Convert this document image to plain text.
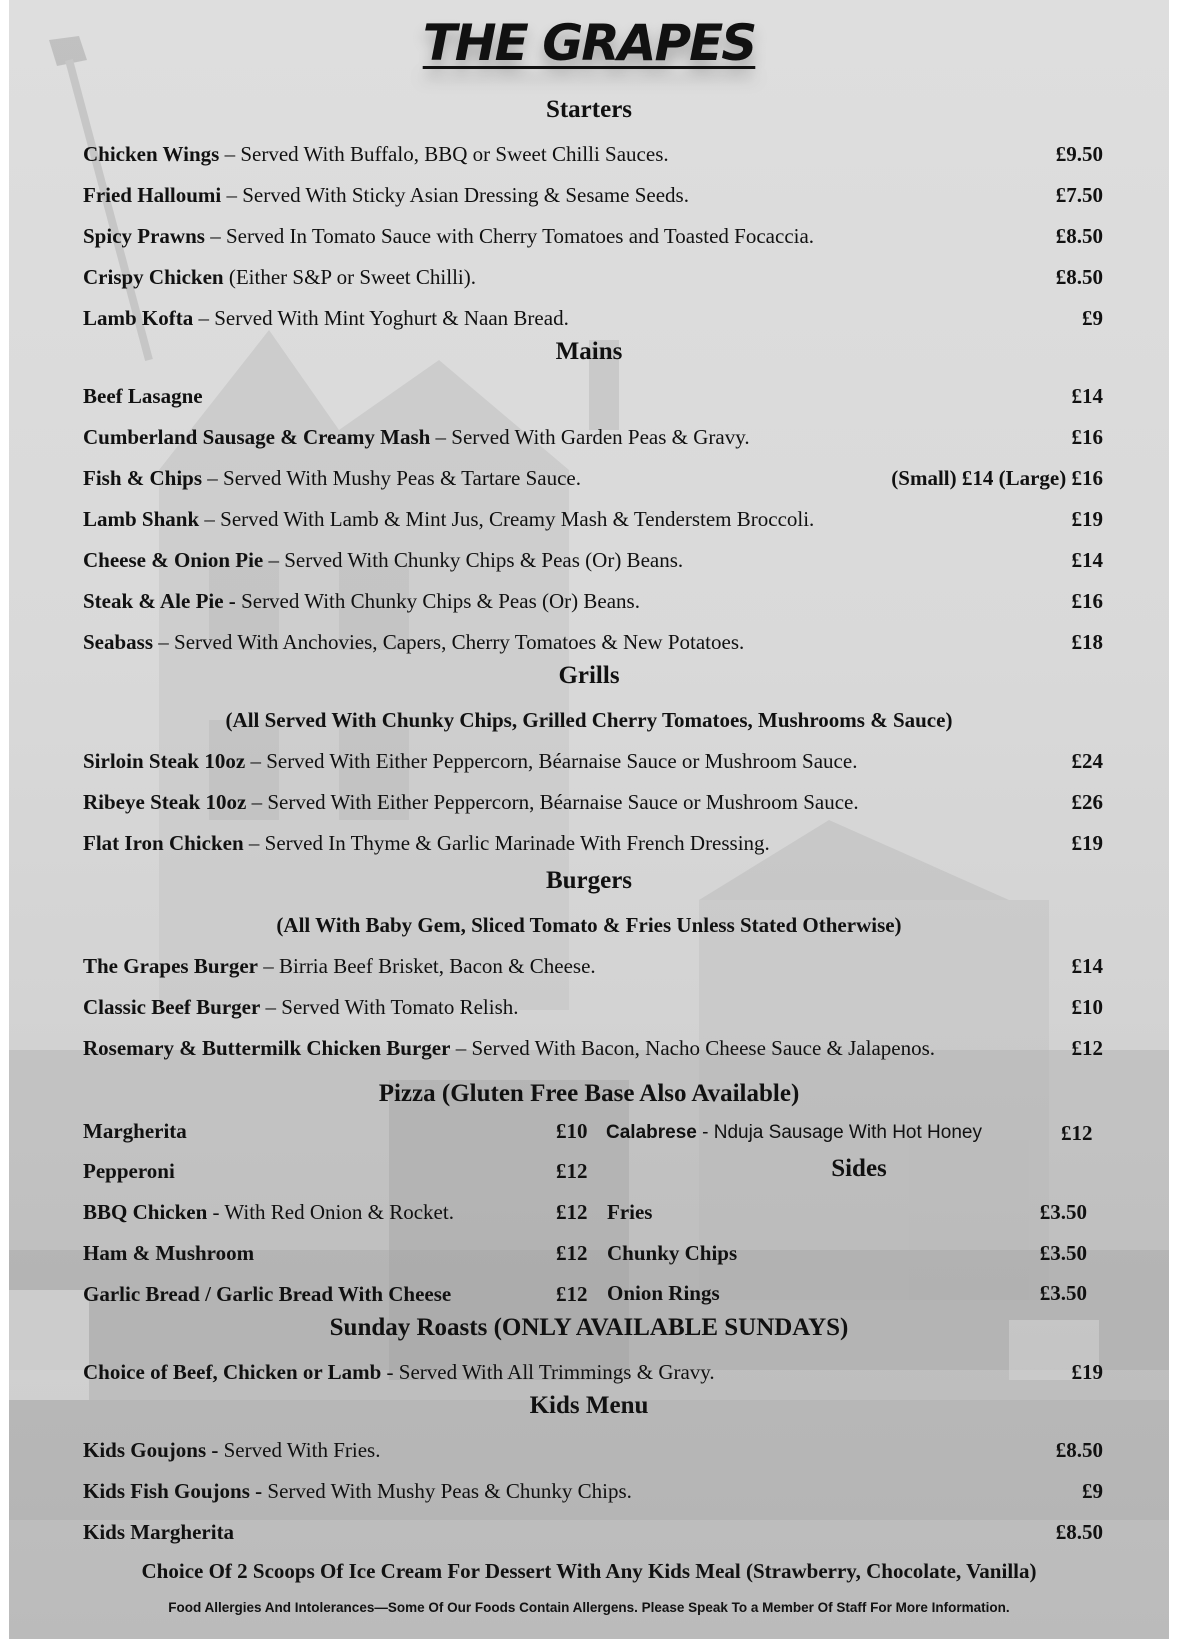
THE GRAPES
Starters
Chicken Wings – Served With Buffalo, BBQ or Sweet Chilli Sauces.	£9.50
Fried Halloumi – Served With Sticky Asian Dressing & Sesame Seeds.	£7.50
Spicy Prawns – Served In Tomato Sauce with Cherry Tomatoes and Toasted Focaccia.	£8.50
Crispy Chicken (Either S&P or Sweet Chilli).	£8.50
Lamb Kofta – Served With Mint Yoghurt & Naan Bread.	£9
Mains
Beef Lasagne	£14
Cumberland Sausage & Creamy Mash – Served With Garden Peas & Gravy.	£16
Fish & Chips – Served With Mushy Peas & Tartare Sauce.	(Small) £14 (Large) £16
Lamb Shank – Served With Lamb & Mint Jus, Creamy Mash & Tenderstem Broccoli.	£19
Cheese & Onion Pie – Served With Chunky Chips & Peas (Or) Beans.	£14
Steak & Ale Pie - Served With Chunky Chips & Peas (Or) Beans.	£16
Seabass – Served With Anchovies, Capers, Cherry Tomatoes & New Potatoes.	£18
Grills
(All Served With Chunky Chips, Grilled Cherry Tomatoes, Mushrooms & Sauce)
Sirloin Steak 10oz – Served With Either Peppercorn, Béarnaise Sauce or Mushroom Sauce.	£24
Ribeye Steak 10oz – Served With Either Peppercorn, Béarnaise Sauce or Mushroom Sauce.	£26
Flat Iron Chicken – Served In Thyme & Garlic Marinade With French Dressing.	£19
Burgers
(All With Baby Gem, Sliced Tomato & Fries Unless Stated Otherwise)
The Grapes Burger – Birria Beef Brisket, Bacon & Cheese.	£14
Classic Beef Burger – Served With Tomato Relish.	£10
Rosemary & Buttermilk Chicken Burger – Served With Bacon, Nacho Cheese Sauce & Jalapenos.	£12
Pizza (Gluten Free Base Also Available)
Margherita	£10
Pepperoni	£12
BBQ Chicken - With Red Onion & Rocket.	£12
Ham & Mushroom	£12
Garlic Bread / Garlic Bread With Cheese	£12
Calabrese - Nduja Sausage With Hot Honey	£12
Sides
Fries	£3.50
Chunky Chips	£3.50
Onion Rings	£3.50
Sunday Roasts (ONLY AVAILABLE SUNDAYS)
Choice of Beef, Chicken or Lamb - Served With All Trimmings & Gravy.	£19
Kids Menu
Kids Goujons - Served With Fries.	£8.50
Kids Fish Goujons - Served With Mushy Peas & Chunky Chips.	£9
Kids Margherita	£8.50
Choice Of 2 Scoops Of Ice Cream For Dessert With Any Kids Meal (Strawberry, Chocolate, Vanilla)
Food Allergies And Intolerances—Some Of Our Foods Contain Allergens. Please Speak To a Member Of Staff For More Information.
